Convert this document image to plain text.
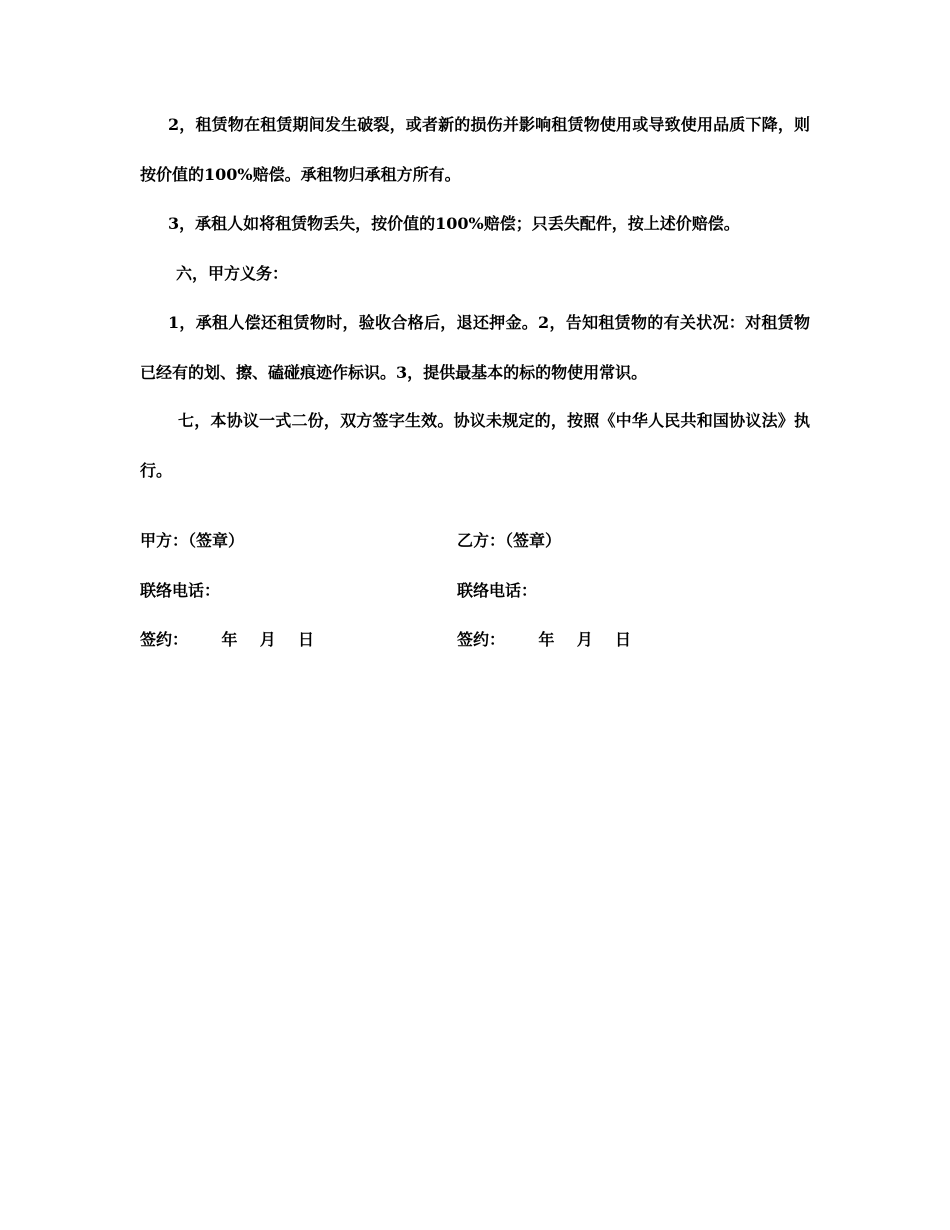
2，租赁物在租赁期间发生破裂，或者新的损伤并影响租赁物使用或导致使用品质下降，则按价值的100%赔偿。承租物归承租方所有。

3，承租人如将租赁物丢失，按价值的100%赔偿；只丢失配件，按上述价赔偿。

六，甲方义务：

1，承租人偿还租赁物时，验收合格后，退还押金。2，告知租赁物的有关状况：对租赁物已经有的划、擦、磕碰痕迹作标识。3，提供最基本的标的物使用常识。

七，本协议一式二份，双方签字生效。协议未规定的，按照《中华人民共和国协议法》执行。

甲方：（签章）	乙方：（签章）
联络电话：	联络电话：
签约：      年    月    日	签约：      年    月    日
